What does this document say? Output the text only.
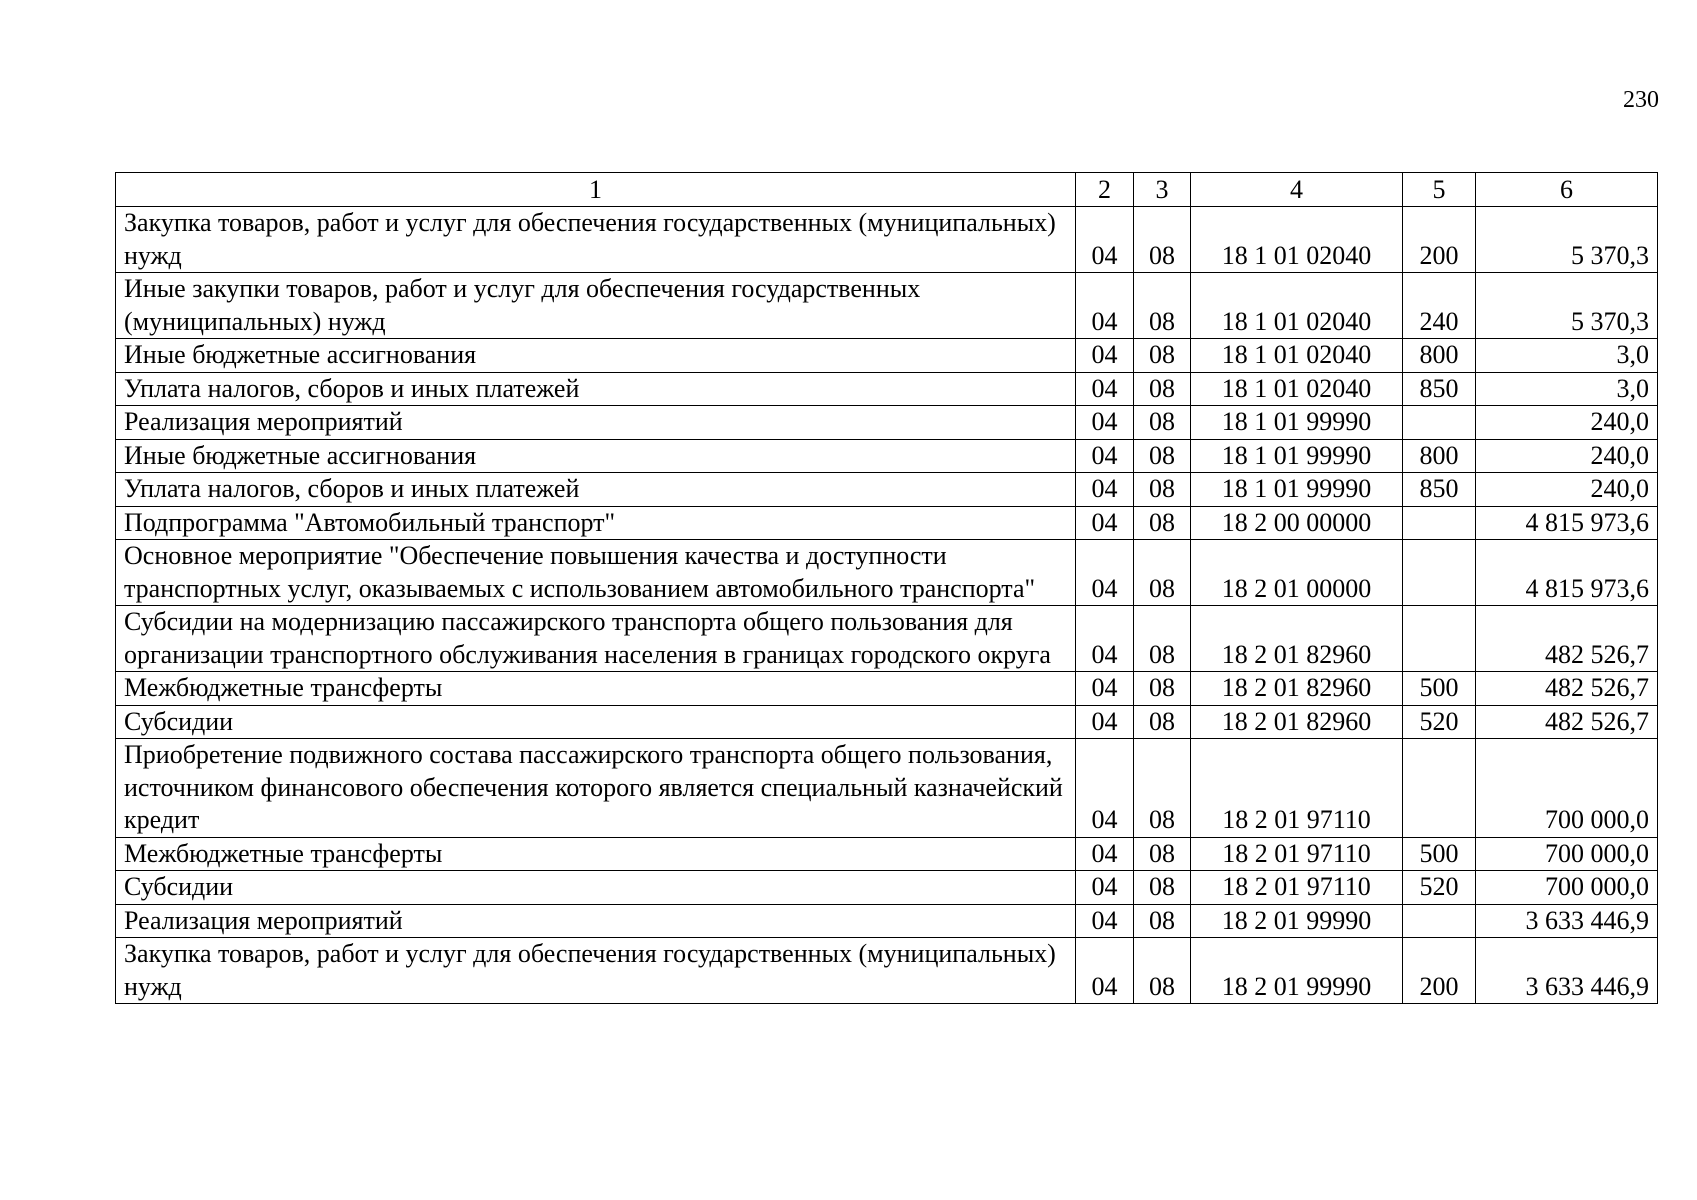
230
1	2	3	4	5	6
Закупка товаров, работ и услуг для обеспечения государственных (муниципальных) нужд	04	08	18 1 01 02040	200	5 370,3
Иные закупки товаров, работ и услуг для обеспечения государственных (муниципальных) нужд	04	08	18 1 01 02040	240	5 370,3
Иные бюджетные ассигнования	04	08	18 1 01 02040	800	3,0
Уплата налогов, сборов и иных платежей	04	08	18 1 01 02040	850	3,0
Реализация мероприятий	04	08	18 1 01 99990		240,0
Иные бюджетные ассигнования	04	08	18 1 01 99990	800	240,0
Уплата налогов, сборов и иных платежей	04	08	18 1 01 99990	850	240,0
Подпрограмма "Автомобильный транспорт"	04	08	18 2 00 00000		4 815 973,6
Основное мероприятие "Обеспечение повышения качества и доступности транспортных услуг, оказываемых с использованием автомобильного транспорта"	04	08	18 2 01 00000		4 815 973,6
Субсидии на модернизацию пассажирского транспорта общего пользования для организации транспортного обслуживания населения в границах городского округа	04	08	18 2 01 82960		482 526,7
Межбюджетные трансферты	04	08	18 2 01 82960	500	482 526,7
Субсидии	04	08	18 2 01 82960	520	482 526,7
Приобретение подвижного состава пассажирского транспорта общего пользования, источником финансового обеспечения которого является специальный казначейский кредит	04	08	18 2 01 97110		700 000,0
Межбюджетные трансферты	04	08	18 2 01 97110	500	700 000,0
Субсидии	04	08	18 2 01 97110	520	700 000,0
Реализация мероприятий	04	08	18 2 01 99990		3 633 446,9
Закупка товаров, работ и услуг для обеспечения государственных (муниципальных) нужд	04	08	18 2 01 99990	200	3 633 446,9
